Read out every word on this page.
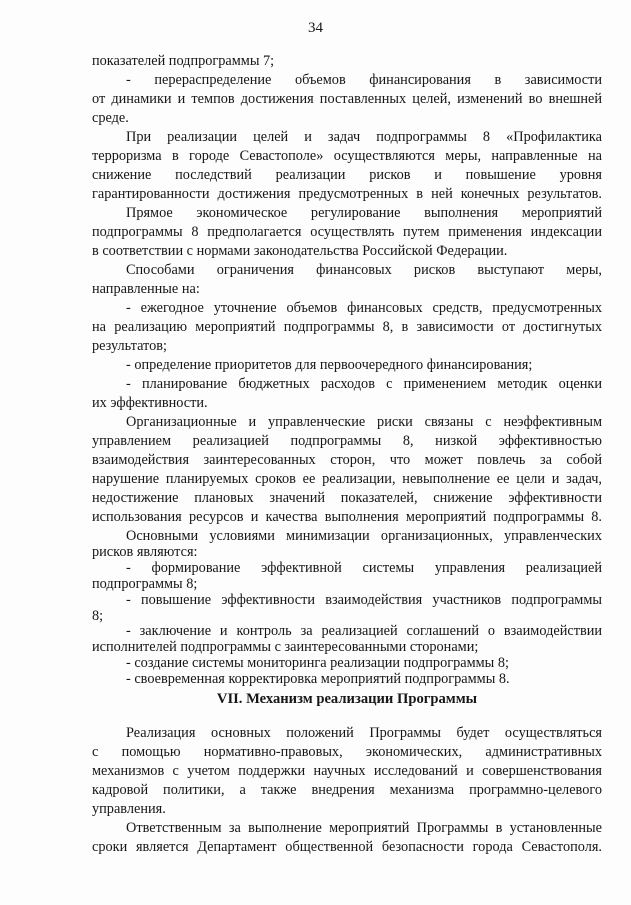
34
показателей подпрограммы 7;
- перераспределение объемов финансирования в зависимости
от динамики и темпов достижения поставленных целей, изменений во внешней
среде.
При реализации целей и задач подпрограммы 8 «Профилактика
терроризма в городе Севастополе» осуществляются меры, направленные на
снижение последствий реализации рисков и повышение уровня
гарантированности достижения предусмотренных в ней конечных результатов.
Прямое экономическое регулирование выполнения мероприятий
подпрограммы 8 предполагается осуществлять путем применения индексации
в соответствии с нормами законодательства Российской Федерации.
Способами ограничения финансовых рисков выступают меры,
направленные на:
- ежегодное уточнение объемов финансовых средств, предусмотренных
на реализацию мероприятий подпрограммы 8, в зависимости от достигнутых
результатов;
- определение приоритетов для первоочередного финансирования;
- планирование бюджетных расходов с применением методик оценки
их эффективности.
Организационные и управленческие риски связаны с неэффективным
управлением реализацией подпрограммы 8, низкой эффективностью
взаимодействия заинтересованных сторон, что может повлечь за собой
нарушение планируемых сроков ее реализации, невыполнение ее цели и задач,
недостижение плановых значений показателей, снижение эффективности
использования ресурсов и качества выполнения мероприятий подпрограммы 8.
Основными условиями минимизации организационных, управленческих
рисков являются:
- формирование эффективной системы управления реализацией
подпрограммы 8;
- повышение эффективности взаимодействия участников подпрограммы
8;
- заключение и контроль за реализацией соглашений о взаимодействии
исполнителей подпрограммы с заинтересованными сторонами;
- создание системы мониторинга реализации подпрограммы 8;
- своевременная корректировка мероприятий подпрограммы 8.
VII. Механизм реализации Программы
Реализация основных положений Программы будет осуществляться
с помощью нормативно-правовых, экономических, административных
механизмов с учетом поддержки научных исследований и совершенствования
кадровой политики, а также внедрения механизма программно-целевого
управления.
Ответственным за выполнение мероприятий Программы в установленные
сроки является Департамент общественной безопасности города Севастополя.
